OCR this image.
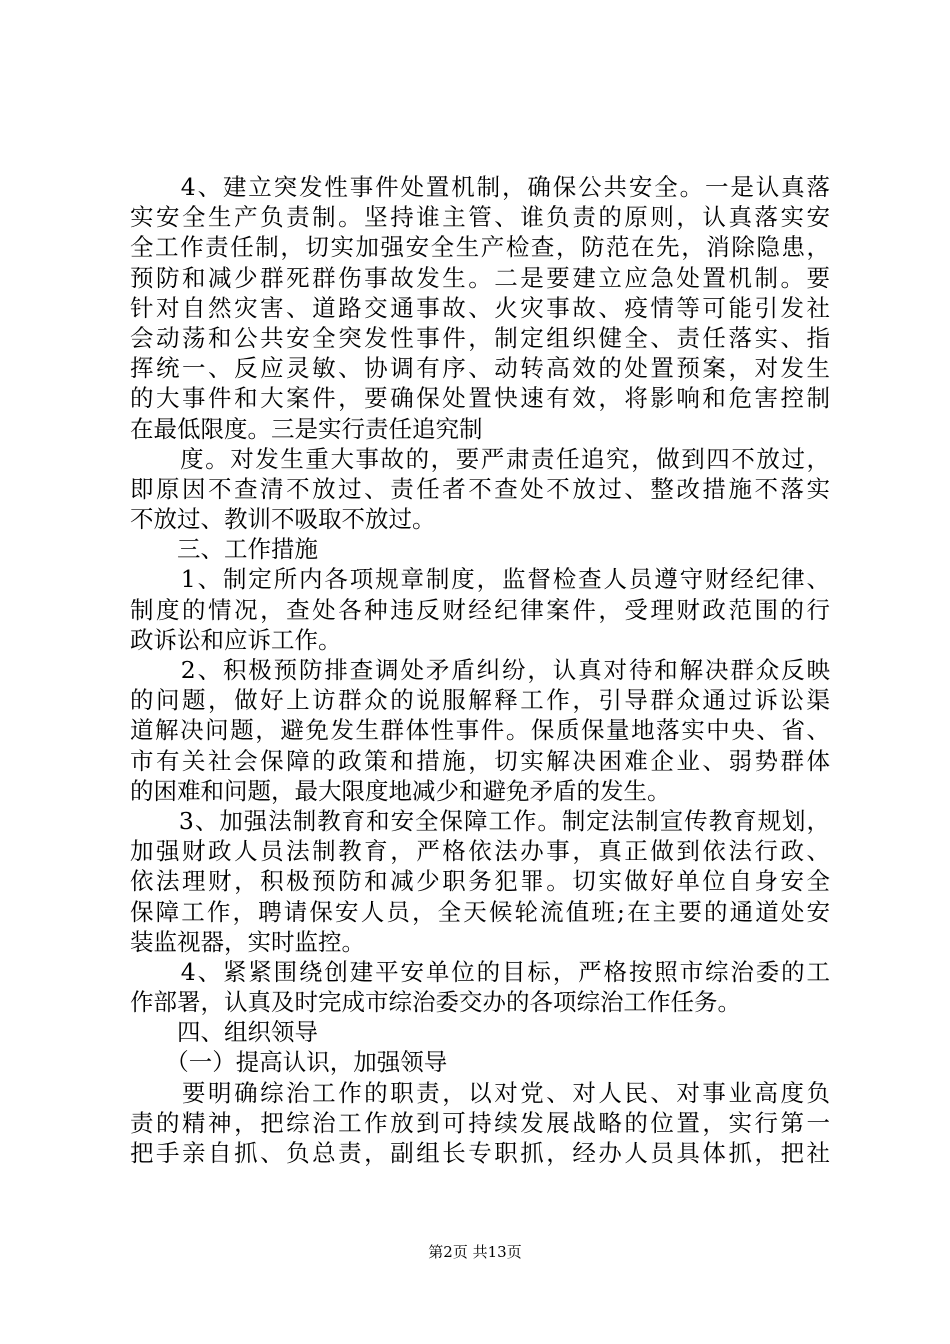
　　4、建立突发性事件处置机制，确保公共安全。一是认真落
实安全生产负责制。坚持谁主管、谁负责的原则，认真落实安
全工作责任制，切实加强安全生产检查，防范在先，消除隐患，
预防和减少群死群伤事故发生。二是要建立应急处置机制。要
针对自然灾害、道路交通事故、火灾事故、疫情等可能引发社
会动荡和公共安全突发性事件，制定组织健全、责任落实、指
挥统一、反应灵敏、协调有序、动转高效的处置预案，对发生
的大事件和大案件，要确保处置快速有效，将影响和危害控制
在最低限度。三是实行责任追究制
　　度。对发生重大事故的，要严肃责任追究，做到四不放过，
即原因不查清不放过、责任者不查处不放过、整改措施不落实
不放过、教训不吸取不放过。
　　三、工作措施
　　1、制定所内各项规章制度，监督检查人员遵守财经纪律、
制度的情况，查处各种违反财经纪律案件，受理财政范围的行
政诉讼和应诉工作。
　　2、积极预防排查调处矛盾纠纷，认真对待和解决群众反映
的问题，做好上访群众的说服解释工作，引导群众通过诉讼渠
道解决问题，避免发生群体性事件。保质保量地落实中央、省、
市有关社会保障的政策和措施，切实解决困难企业、弱势群体
的困难和问题，最大限度地减少和避免矛盾的发生。
　　3、加强法制教育和安全保障工作。制定法制宣传教育规划，
加强财政人员法制教育，严格依法办事，真正做到依法行政、
依法理财，积极预防和减少职务犯罪。切实做好单位自身安全
保障工作，聘请保安人员，全天候轮流值班;在主要的通道处安
装监视器，实时监控。
　　4、紧紧围绕创建平安单位的目标，严格按照市综治委的工
作部署，认真及时完成市综治委交办的各项综治工作任务。
　　四、组织领导
　　（一）提高认识，加强领导
　　要明确综治工作的职责，以对党、对人民、对事业高度负
责的精神，把综治工作放到可持续发展战略的位置，实行第一
把手亲自抓、负总责，副组长专职抓，经办人员具体抓，把社
第2页 共13页
